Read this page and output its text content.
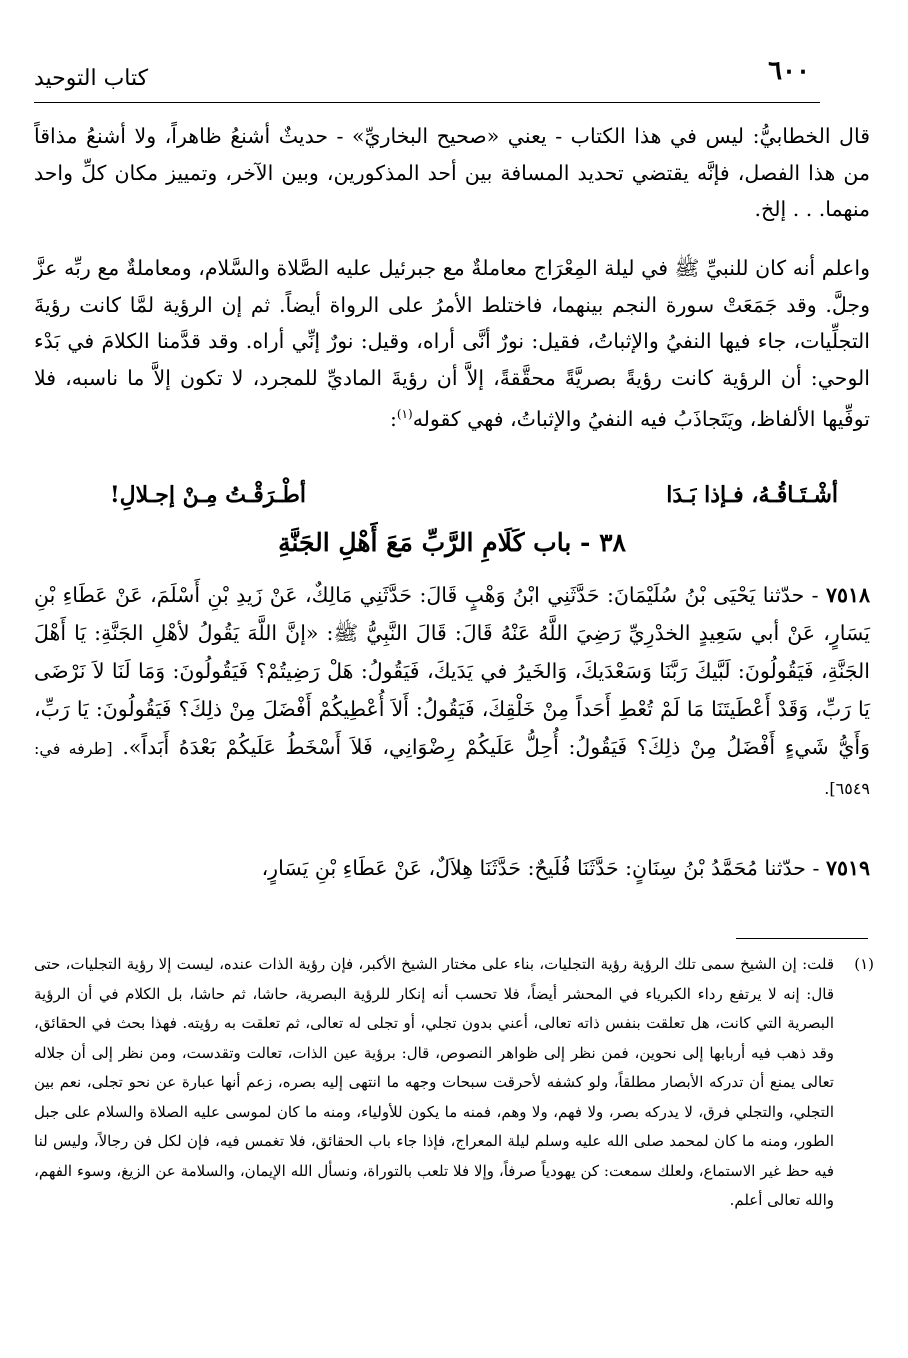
٦٠٠
كتاب التوحيد

قال الخطابيُّ: ليس في هذا الكتاب - يعني «صحيح البخاريِّ» - حديثٌ أشنعُ ظاهراً، ولا أشنعُ مذاقاً من هذا الفصل، فإنَّه يقتضي تحديد المسافة بين أحد المذكورين، وبين الآخر، وتمييز مكان كلِّ واحد منهما. . . إلخ.

واعلم أنه كان للنبيِّ ﷺ في ليلة المِعْرَاج معاملةٌ مع جبرئيل عليه الصَّلاة والسَّلام، ومعاملةٌ مع ربِّه عزَّ وجلَّ. وقد جَمَعَتْ سورة النجم بينهما، فاختلط الأمرُ على الرواة أيضاً. ثم إن الرؤية لمَّا كانت رؤيةَ التجلِّيات، جاء فيها النفيُ والإثباتُ، فقيل: نورٌ أنَّى أراه، وقيل: نورٌ إنِّي أراه. وقد قدَّمنا الكلامَ في بَدْء الوحي: أن الرؤية كانت رؤيةً بصريَّةً محقَّقةً، إلاَّ أن رؤيةَ الماديِّ للمجرد، لا تكون إلاَّ ما ناسبه، فلا توفِّيها الألفاظ، ويَتَجاذَبُ فيه النفيُ والإثباتُ، فهي كقوله$^{(١)}$:

أشْـتَـاقُـهُ، فـإذا بَـدَا
أطْـرَقْـتُ مِـنْ إجـلالِ!
٣٨ - باب كَلَامِ الرَّبِّ مَعَ أَهْلِ الجَنَّةِ

٧٥١٨ - حدّثنا يَحْيَى بْنُ سُلَيْمَانَ: حَدَّثَنِي ابْنُ وَهْبٍ قَالَ: حَدَّثَنِي مَالِكٌ، عَنْ زَيدِ بْنِ أَسْلَمَ، عَنْ عَطَاءِ بْنِ يَسَارٍ، عَنْ أبي سَعِيدٍ الخدْرِيِّ رَضِيَ اللَّهُ عَنْهُ قَالَ: قَالَ النَّبِيُّ ﷺ: «إنَّ اللَّهَ يَقُولُ لأهْلِ الجَنَّةِ: يَا أَهْلَ الجَنَّةِ، فَيَقُولُونَ: لَبَّيكَ رَبَّنَا وَسَعْدَيكَ، وَالخَيرُ في يَدَيكَ، فَيَقُولُ: هَلْ رَضِيتُمْ؟ فَيَقُولُونَ: وَمَا لَنَا لاَ نَرْضَى يَا رَبِّ، وَقَدْ أَعْطَيتَنَا مَا لَمْ تُعْطِ أَحَداً مِنْ خَلْقِكَ، فَيَقُولُ: أَلاَ أُعْطِيكُمْ أَفْضَلَ مِنْ ذلِكَ؟ فَيَقُولُونَ: يَا رَبِّ، وَأَيُّ شَيءٍ أَفْضَلُ مِنْ ذلِكَ؟ فَيَقُولُ: أُحِلُّ عَلَيكُمْ رِضْوَانِي، فَلاَ أَسْخَطُ عَلَيكُمْ بَعْدَهُ أَبَداً». [طرفه في: ٦٥٤٩].

٧٥١٩ - حدّثنا مُحَمَّدُ بْنُ سِنَانٍ: حَدَّثَنَا فُلَيحٌ: حَدَّثَنَا هِلاَلٌ، عَنْ عَطَاءِ بْنِ يَسَارٍ،

(١)

قلت: إن الشيخ سمى تلك الرؤية رؤية التجليات، بناء على مختار الشيخ الأكبر، فإن رؤية الذات عنده، ليست إلا رؤية التجليات، حتى قال: إنه لا يرتفع رداء الكبرياء في المحشر أيضاً، فلا تحسب أنه إنكار للرؤية البصرية، حاشا، ثم حاشا، بل الكلام في أن الرؤية البصرية التي كانت، هل تعلقت بنفس ذاته تعالى، أعني بدون تجلي، أو تجلى له تعالى، ثم تعلقت به رؤيته. فهذا بحث في الحقائق، وقد ذهب فيه أربابها إلى نحوين، فمن نظر إلى ظواهر النصوص، قال: برؤية عين الذات، تعالت وتقدست، ومن نظر إلى أن جلاله تعالى يمنع أن تدركه الأبصار مطلقاً، ولو كشفه لأحرقت سبحات وجهه ما انتهى إليه بصره، زعم أنها عبارة عن نحو تجلى، نعم بين التجلي، والتجلي فرق، لا يدركه بصر، ولا فهم، ولا وهم، فمنه ما يكون للأولياء، ومنه ما كان لموسى عليه الصلاة والسلام على جبل الطور، ومنه ما كان لمحمد صلى الله عليه وسلم ليلة المعراج، فإذا جاء باب الحقائق، فلا تغمس فيه، فإن لكل فن رجالاً، وليس لنا فيه حظ غير الاستماع، ولعلك سمعت: كن يهودياً صرفاً، وإلا فلا تلعب بالتوراة، ونسأل الله الإيمان، والسلامة عن الزيغ، وسوء الفهم، والله تعالى أعلم.
